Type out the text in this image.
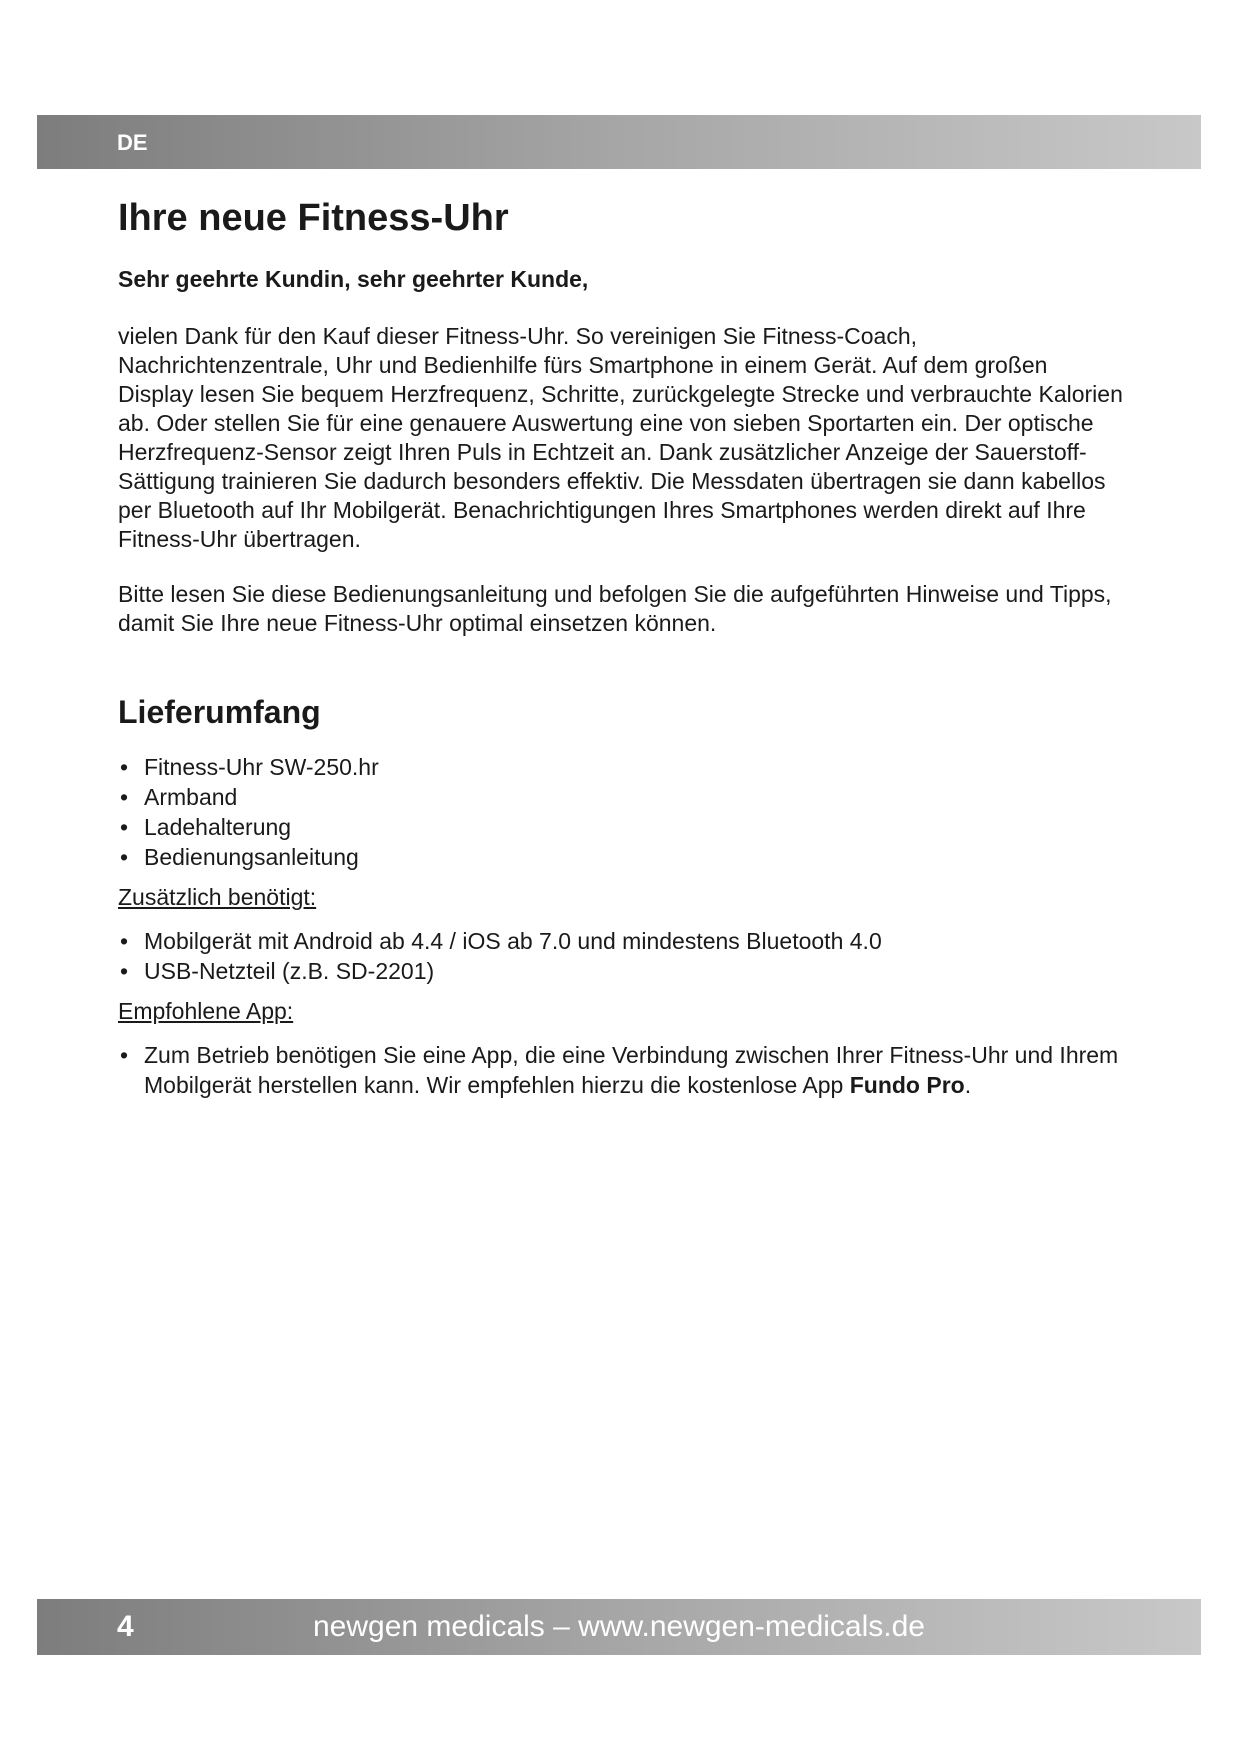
DE
Ihre neue Fitness-Uhr

Sehr geehrte Kundin, sehr geehrter Kunde,

vielen Dank für den Kauf dieser Fitness-Uhr. So vereinigen Sie Fitness-Coach, Nachrichtenzentrale, Uhr und Bedienhilfe fürs Smartphone in einem Gerät. Auf dem großen Display lesen Sie bequem Herzfrequenz, Schritte, zurückgelegte Strecke und verbrauchte Kalorien ab. Oder stellen Sie für eine genauere Auswertung eine von sieben Sportarten ein. Der optische Herzfrequenz-Sensor zeigt Ihren Puls in Echtzeit an. Dank zusätzlicher Anzeige der Sauerstoff-Sättigung trainieren Sie dadurch besonders effektiv. Die Messdaten übertragen sie dann kabellos per Bluetooth auf Ihr Mobilgerät. Benachrichtigungen Ihres Smartphones werden direkt auf Ihre Fitness-Uhr übertragen.

Bitte lesen Sie diese Bedienungsanleitung und befolgen Sie die aufgeführten Hinweise und Tipps, damit Sie Ihre neue Fitness-Uhr optimal einsetzen können.

Lieferumfang
• Fitness-Uhr SW-250.hr
• Armband
• Ladehalterung
• Bedienungsanleitung
Zusätzlich benötigt:
• Mobilgerät mit Android ab 4.4 / iOS ab 7.0 und mindestens Bluetooth 4.0
• USB-Netzteil (z.B. SD-2201)
Empfohlene App:
• Zum Betrieb benötigen Sie eine App, die eine Verbindung zwischen Ihrer Fitness-Uhr und Ihrem Mobilgerät herstellen kann. Wir empfehlen hierzu die kostenlose App Fundo Pro.
4	newgen medicals – www.newgen-medicals.de
